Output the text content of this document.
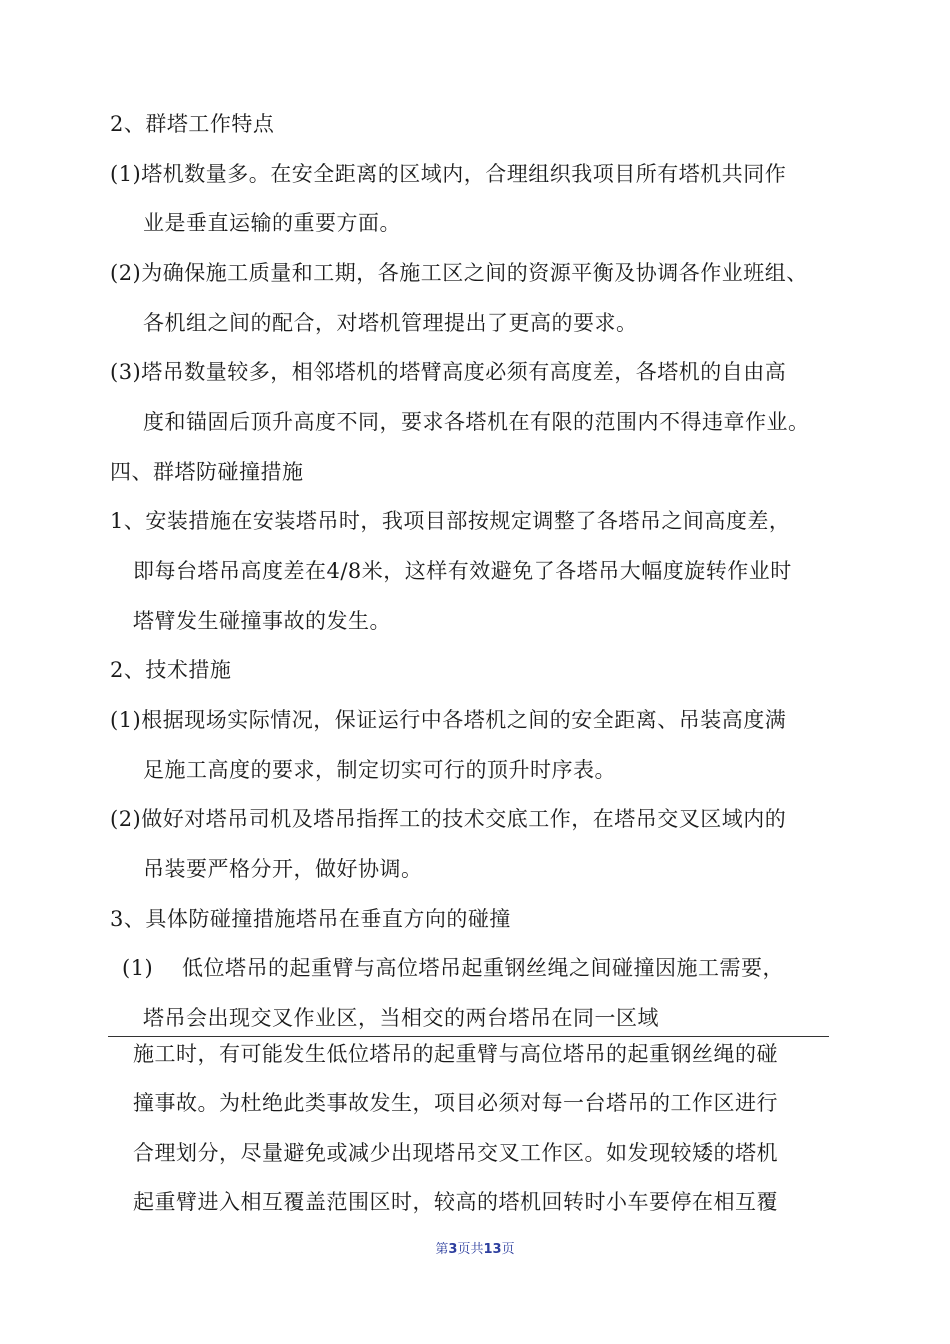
2、群塔工作特点
(1)塔机数量多。在安全距离的区域内，合理组织我项目所有塔机共同作
业是垂直运输的重要方面。
(2)为确保施工质量和工期，各施工区之间的资源平衡及协调各作业班组、
各机组之间的配合，对塔机管理提出了更高的要求。
(3)塔吊数量较多，相邻塔机的塔臂高度必须有高度差，各塔机的自由高
度和锚固后顶升高度不同，要求各塔机在有限的范围内不得违章作业。
四、群塔防碰撞措施
1、安装措施在安装塔吊时，我项目部按规定调整了各塔吊之间高度差，
即每台塔吊高度差在4/8米，这样有效避免了各塔吊大幅度旋转作业时
塔臂发生碰撞事故的发生。
2、技术措施
(1)根据现场实际情况，保证运行中各塔机之间的安全距离、吊装高度满
足施工高度的要求，制定切实可行的顶升时序表。
(2)做好对塔吊司机及塔吊指挥工的技术交底工作，在塔吊交叉区域内的
吊装要严格分开，做好协调。
3、具体防碰撞措施塔吊在垂直方向的碰撞
(1)    低位塔吊的起重臂与高位塔吊起重钢丝绳之间碰撞因施工需要，
塔吊会出现交叉作业区，当相交的两台塔吊在同一区域
施工时，有可能发生低位塔吊的起重臂与高位塔吊的起重钢丝绳的碰
撞事故。为杜绝此类事故发生，项目必须对每一台塔吊的工作区进行
合理划分，尽量避免或减少出现塔吊交叉工作区。如发现较矮的塔机
起重臂进入相互覆盖范围区时，较高的塔机回转时小车要停在相互覆
第3页共13页
